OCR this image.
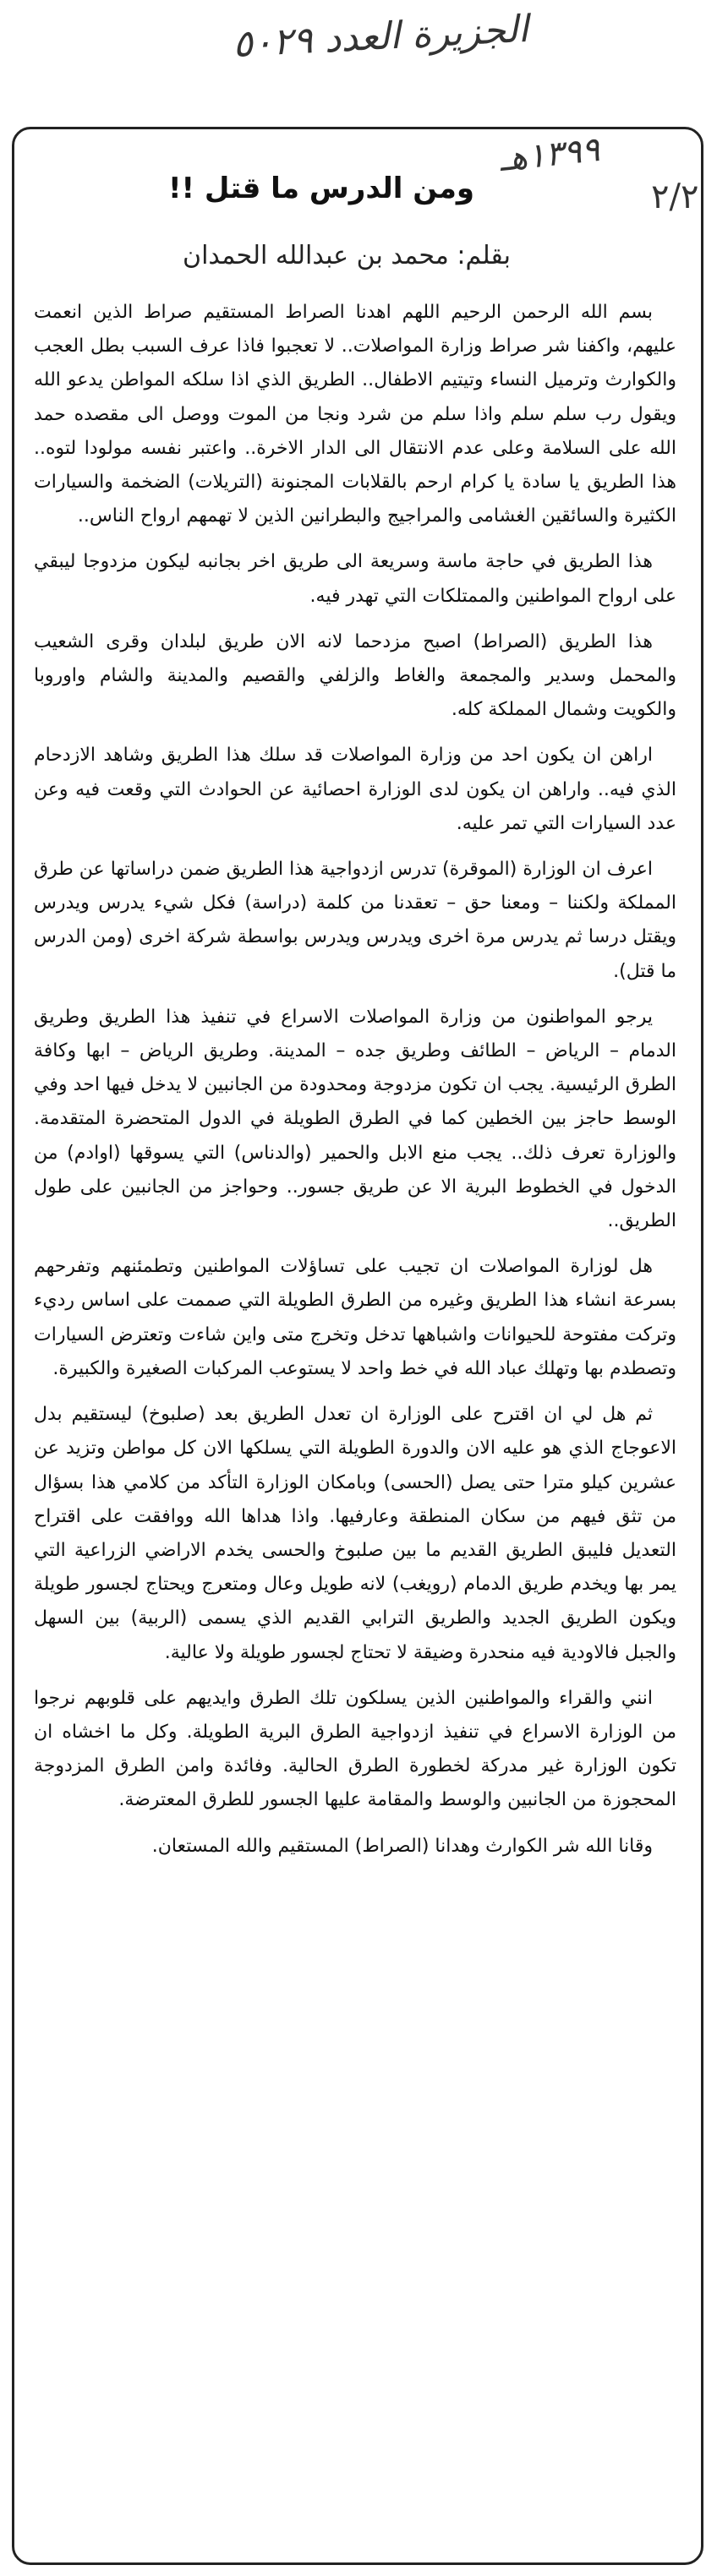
الجزيرة العدد ٥٠٢٩
١٣٩٩هـ
٢/٢
ومن الدرس ما قتل !!
بقلم: محمد بن عبدالله الحمدان

بسم الله الرحمن الرحيم اللهم اهدنا الصراط المستقيم صراط الذين انعمت عليهم، واكفنا شر صراط وزارة المواصلات.. لا تعجبوا فاذا عرف السبب بطل العجب والكوارث وترميل النساء وتيتيم الاطفال.. الطريق الذي اذا سلكه المواطن يدعو الله ويقول رب سلم سلم واذا سلم من شرد ونجا من الموت ووصل الى مقصده حمد الله على السلامة وعلى عدم الانتقال الى الدار الاخرة.. واعتبر نفسه مولودا لتوه.. هذا الطريق يا سادة يا كرام ارحم بالقلابات المجنونة (التريلات) الضخمة والسيارات الكثيرة والسائقين الغشامى والمراجيج والبطرانين الذين لا تهمهم ارواح الناس..

هذا الطريق في حاجة ماسة وسريعة الى طريق اخر بجانبه ليكون مزدوجا ليبقي على ارواح المواطنين والممتلكات التي تهدر فيه.

هذا الطريق (الصراط) اصبح مزدحما لانه الان طريق لبلدان وقرى الشعيب والمحمل وسدير والمجمعة والغاط والزلفي والقصيم والمدينة والشام واوروبا والكويت وشمال المملكة كله.

اراهن ان يكون احد من وزارة المواصلات قد سلك هذا الطريق وشاهد الازدحام الذي فيه.. واراهن ان يكون لدى الوزارة احصائية عن الحوادث التي وقعت فيه وعن عدد السيارات التي تمر عليه.

اعرف ان الوزارة (الموقرة) تدرس ازدواجية هذا الطريق ضمن دراساتها عن طرق المملكة ولكننا – ومعنا حق – تعقدنا من كلمة (دراسة) فكل شيء يدرس ويدرس ويقتل درسا ثم يدرس مرة اخرى ويدرس ويدرس بواسطة شركة اخرى (ومن الدرس ما قتل).

يرجو المواطنون من وزارة المواصلات الاسراع في تنفيذ هذا الطريق وطريق الدمام – الرياض – الطائف وطريق جده – المدينة. وطريق الرياض – ابها وكافة الطرق الرئيسية. يجب ان تكون مزدوجة ومحدودة من الجانبين لا يدخل فيها احد وفي الوسط حاجز بين الخطين كما في الطرق الطويلة في الدول المتحضرة المتقدمة. والوزارة تعرف ذلك.. يجب منع الابل والحمير (والدناس) التي يسوقها (اوادم) من الدخول في الخطوط البرية الا عن طريق جسور.. وحواجز من الجانبين على طول الطريق..

هل لوزارة المواصلات ان تجيب على تساؤلات المواطنين وتطمئنهم وتفرحهم بسرعة انشاء هذا الطريق وغيره من الطرق الطويلة التي صممت على اساس رديء وتركت مفتوحة للحيوانات واشباهها تدخل وتخرج متى واين شاءت وتعترض السيارات وتصطدم بها وتهلك عباد الله في خط واحد لا يستوعب المركبات الصغيرة والكبيرة.

ثم هل لي ان اقترح على الوزارة ان تعدل الطريق بعد (صلبوخ) ليستقيم بدل الاعوجاج الذي هو عليه الان والدورة الطويلة التي يسلكها الان كل مواطن وتزيد عن عشرين كيلو مترا حتى يصل (الحسى) وبامكان الوزارة التأكد من كلامي هذا بسؤال من تثق فيهم من سكان المنطقة وعارفيها. واذا هداها الله ووافقت على اقتراح التعديل فليبق الطريق القديم ما بين صلبوخ والحسى يخدم الاراضي الزراعية التي يمر بها ويخدم طريق الدمام (رويغب) لانه طويل وعال ومتعرج ويحتاج لجسور طويلة ويكون الطريق الجديد والطريق الترابي القديم الذي يسمى (الربية) بين السهل والجبل فالاودية فيه منحدرة وضيقة لا تحتاج لجسور طويلة ولا عالية.

انني والقراء والمواطنين الذين يسلكون تلك الطرق وايديهم على قلوبهم نرجوا من الوزارة الاسراع في تنفيذ ازدواجية الطرق البرية الطويلة. وكل ما اخشاه ان تكون الوزارة غير مدركة لخطورة الطرق الحالية. وفائدة وامن الطرق المزدوجة المحجوزة من الجانبين والوسط والمقامة عليها الجسور للطرق المعترضة.

وقانا الله شر الكوارث وهدانا (الصراط) المستقيم والله المستعان.
